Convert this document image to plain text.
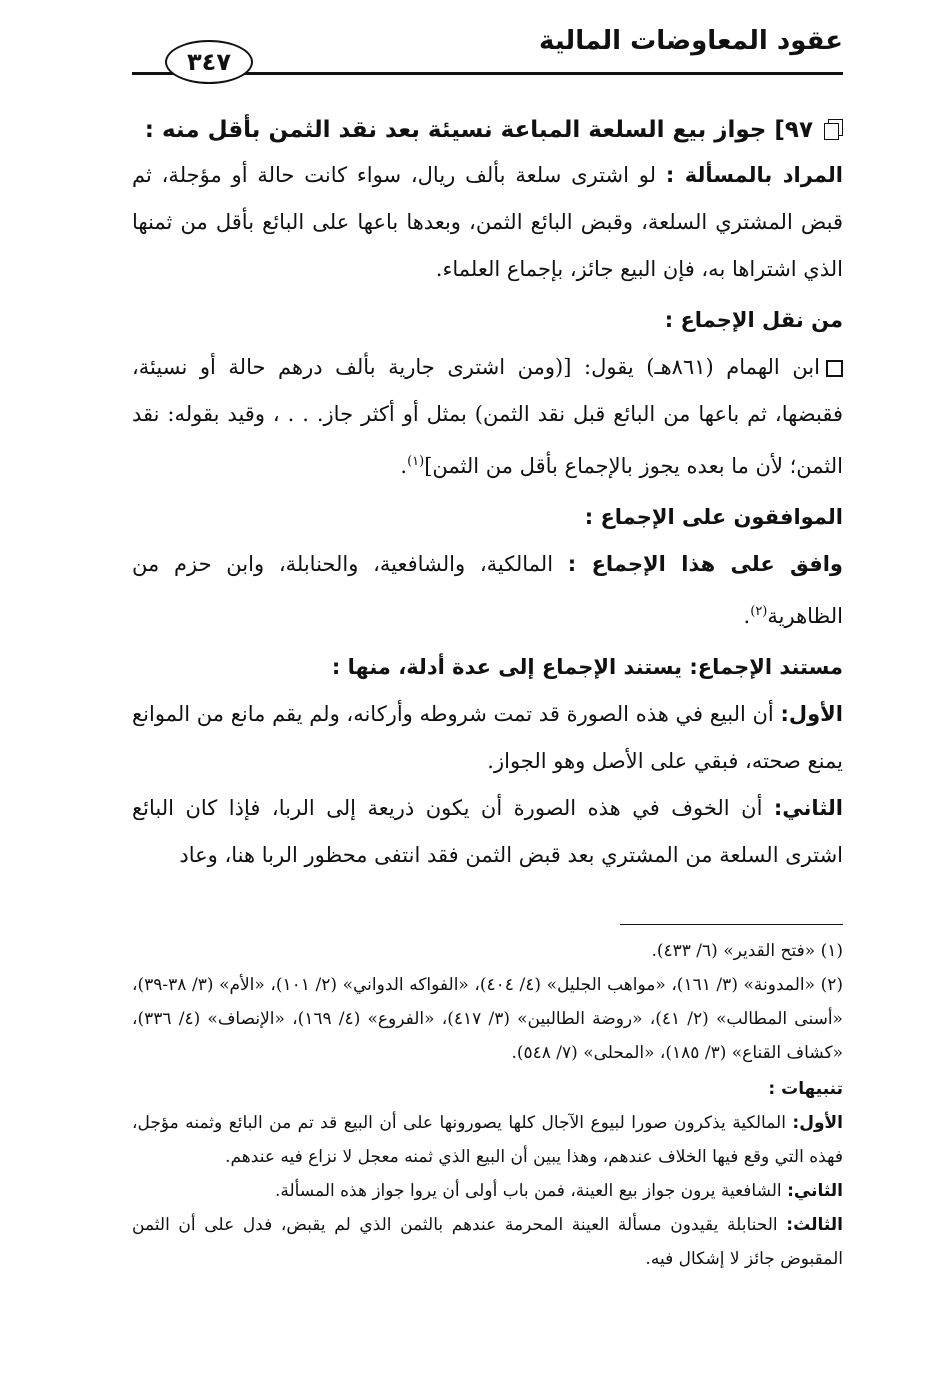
عقود المعاوضات المالية
٣٤٧
٩٧] جواز بيع السلعة المباعة نسيئة بعد نقد الثمن بأقل منه :

المراد بالمسألة : لو اشترى سلعة بألف ريال، سواء كانت حالة أو مؤجلة، ثم قبض المشتري السلعة، وقبض البائع الثمن، وبعدها باعها على البائع بأقل من ثمنها الذي اشتراها به، فإن البيع جائز، بإجماع العلماء.

من نقل الإجماع :

ابن الهمام (٨٦١هـ) يقول: [(ومن اشترى جارية بألف درهم حالة أو نسيئة، فقبضها، ثم باعها من البائع قبل نقد الثمن) بمثل أو أكثر جاز. . . ، وقيد بقوله: نقد الثمن؛ لأن ما بعده يجوز بالإجماع بأقل من الثمن]$^{(١)}$.

الموافقون على الإجماع :

وافق على هذا الإجماع : المالكية، والشافعية، والحنابلة، وابن حزم من الظاهرية$^{(٢)}$.

مستند الإجماع: يستند الإجماع إلى عدة أدلة، منها :

الأول: أن البيع في هذه الصورة قد تمت شروطه وأركانه، ولم يقم مانع من الموانع يمنع صحته، فبقي على الأصل وهو الجواز.

الثاني: أن الخوف في هذه الصورة أن يكون ذريعة إلى الربا، فإذا كان البائع اشترى السلعة من المشتري بعد قبض الثمن فقد انتفى محظور الربا هنا، وعاد

(١) «فتح القدير» (٦/ ٤٣٣).

(٢) «المدونة» (٣/ ١٦١)، «مواهب الجليل» (٤/ ٤٠٤)، «الفواكه الدواني» (٢/ ١٠١)، «الأم» (٣/ ٣٨-٣٩)، «أسنى المطالب» (٢/ ٤١)، «روضة الطالبين» (٣/ ٤١٧)، «الفروع» (٤/ ١٦٩)، «الإنصاف» (٤/ ٣٣٦)، «كشاف القناع» (٣/ ١٨٥)، «المحلى» (٧/ ٥٤٨).

تنبيهات :

الأول: المالكية يذكرون صورا لبيوع الآجال كلها يصورونها على أن البيع قد تم من البائع وثمنه مؤجل، فهذه التي وقع فيها الخلاف عندهم، وهذا يبين أن البيع الذي ثمنه معجل لا نزاع فيه عندهم.

الثاني: الشافعية يرون جواز بيع العينة، فمن باب أولى أن يروا جواز هذه المسألة.

الثالث: الحنابلة يقيدون مسألة العينة المحرمة عندهم بالثمن الذي لم يقبض، فدل على أن الثمن المقبوض جائز لا إشكال فيه.
